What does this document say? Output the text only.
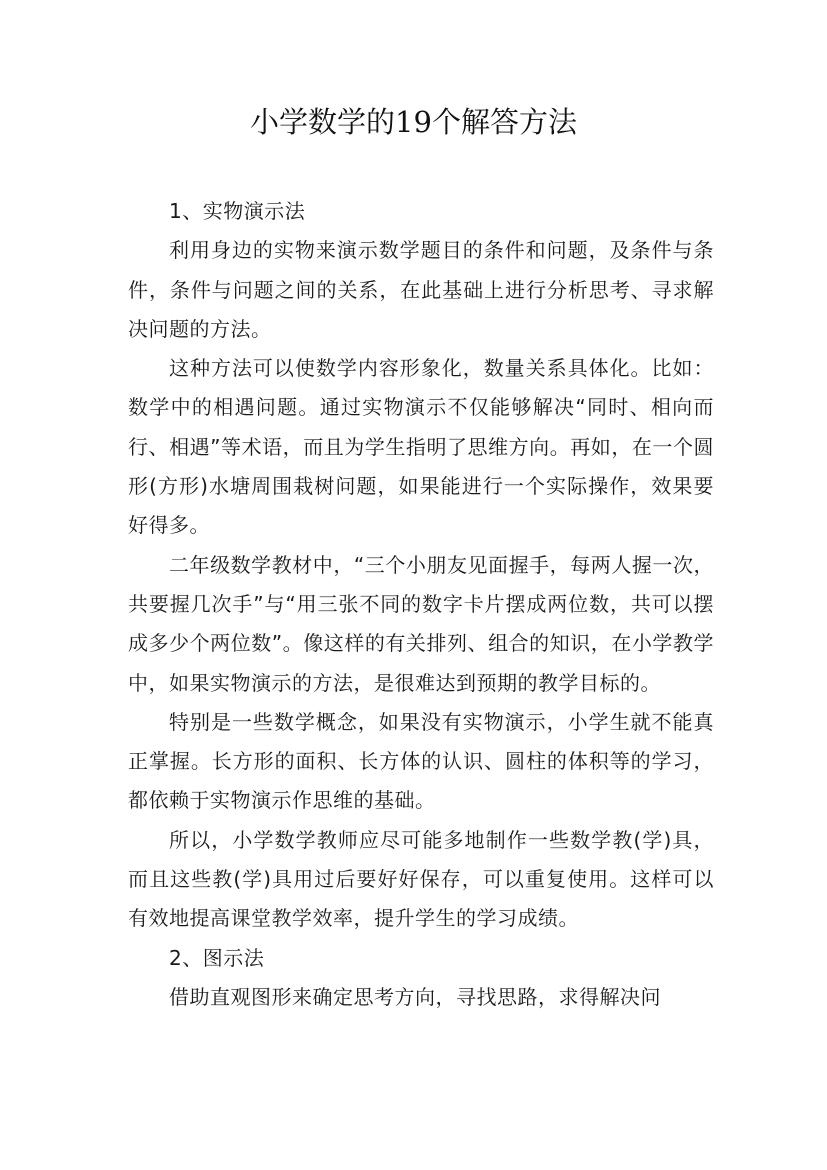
小学数学的19个解答方法

1、实物演示法

利用身边的实物来演示数学题目的条件和问题，及条件与条件，条件与问题之间的关系，在此基础上进行分析思考、寻求解决问题的方法。

这种方法可以使数学内容形象化，数量关系具体化。比如：数学中的相遇问题。通过实物演示不仅能够解决“同时、相向而行、相遇”等术语，而且为学生指明了思维方向。再如，在一个圆形(方形)水塘周围栽树问题，如果能进行一个实际操作，效果要好得多。

二年级数学教材中，“三个小朋友见面握手，每两人握一次，共要握几次手”与“用三张不同的数字卡片摆成两位数，共可以摆成多少个两位数”。像这样的有关排列、组合的知识，在小学教学中，如果实物演示的方法，是很难达到预期的教学目标的。

特别是一些数学概念，如果没有实物演示，小学生就不能真正掌握。长方形的面积、长方体的认识、圆柱的体积等的学习，都依赖于实物演示作思维的基础。

所以，小学数学教师应尽可能多地制作一些数学教(学)具，而且这些教(学)具用过后要好好保存，可以重复使用。这样可以有效地提高课堂教学效率，提升学生的学习成绩。

2、图示法

借助直观图形来确定思考方向，寻找思路，求得解决问
